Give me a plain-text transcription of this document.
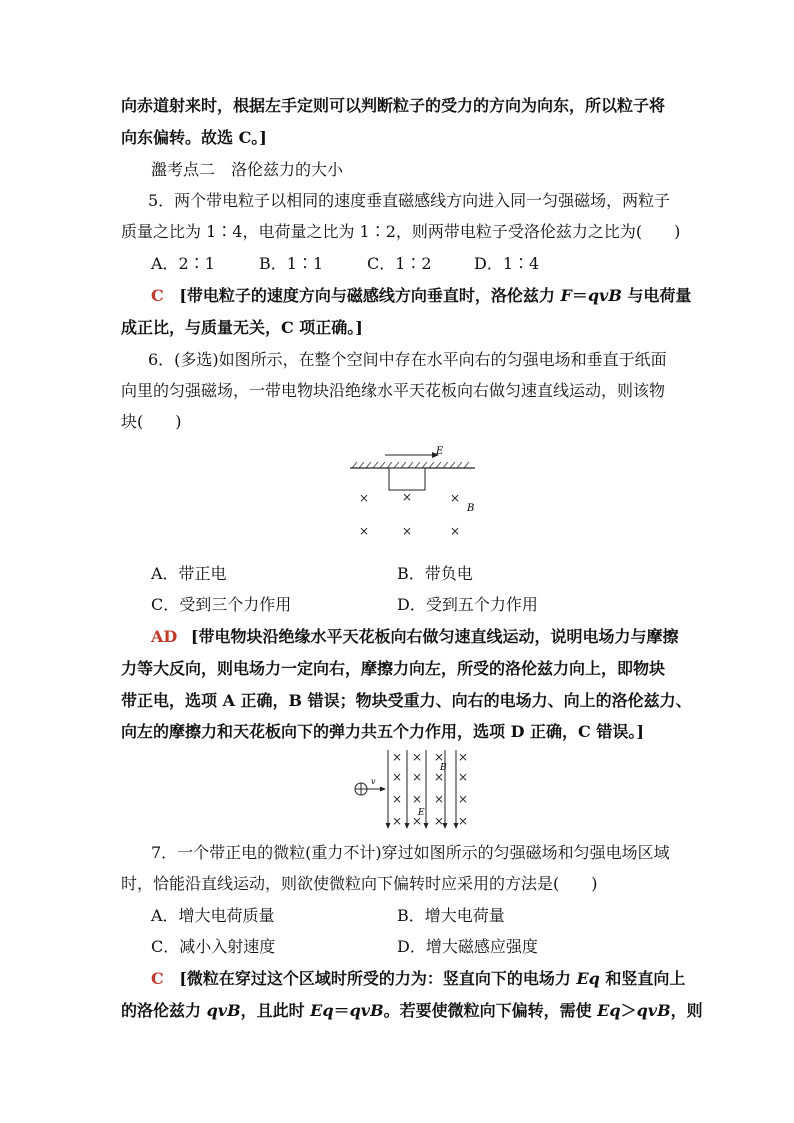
向赤道射来时，根据左手定则可以判断粒子的受力的方向为向东，所以粒子将
向东偏转。故选 C。]
瀊考点二　洛伦兹力的大小
5．两个带电粒子以相同的速度垂直磁感线方向进入同一匀强磁场，两粒子
质量之比为 1∶4，电荷量之比为 1∶2，则两带电粒子受洛伦兹力之比为(　　)
A．2∶1	B．1∶1	C．1∶2	D．1∶4
C [带电粒子的速度方向与磁感线方向垂直时，洛伦兹力 F＝qvB 与电荷量
成正比，与质量无关，C 项正确。]
6．(多选)如图所示，在整个空间中存在水平向右的匀强电场和垂直于纸面
向里的匀强磁场，一带电物块沿绝缘水平天花板向右做匀速直线运动，则该物
块(　　)
E
×	×	×
×	×	×
B
A．带正电	B．带负电
C．受到三个力作用	D．受到五个力作用
AD [带电物块沿绝缘水平天花板向右做匀速直线运动，说明电场力与摩擦
力等大反向，则电场力一定向右，摩擦力向左，所受的洛伦兹力向上，即物块
带正电，选项 A 正确，B 错误；物块受重力、向右的电场力、向上的洛伦兹力、
向左的摩擦力和天花板向下的弹力共五个力作用，选项 D 正确，C 错误。]
v
× × × ×
× × × ×
× × × ×
× × × ×
B
E
7．一个带正电的微粒(重力不计)穿过如图所示的匀强磁场和匀强电场区域
时，恰能沿直线运动，则欲使微粒向下偏转时应采用的方法是(　　)
A．增大电荷质量	B．增大电荷量
C．减小入射速度	D．增大磁感应强度
C [微粒在穿过这个区域时所受的力为：竖直向下的电场力 Eq 和竖直向上
的洛伦兹力 qvB，且此时 Eq＝qvB。若要使微粒向下偏转，需使 Eq＞qvB，则
